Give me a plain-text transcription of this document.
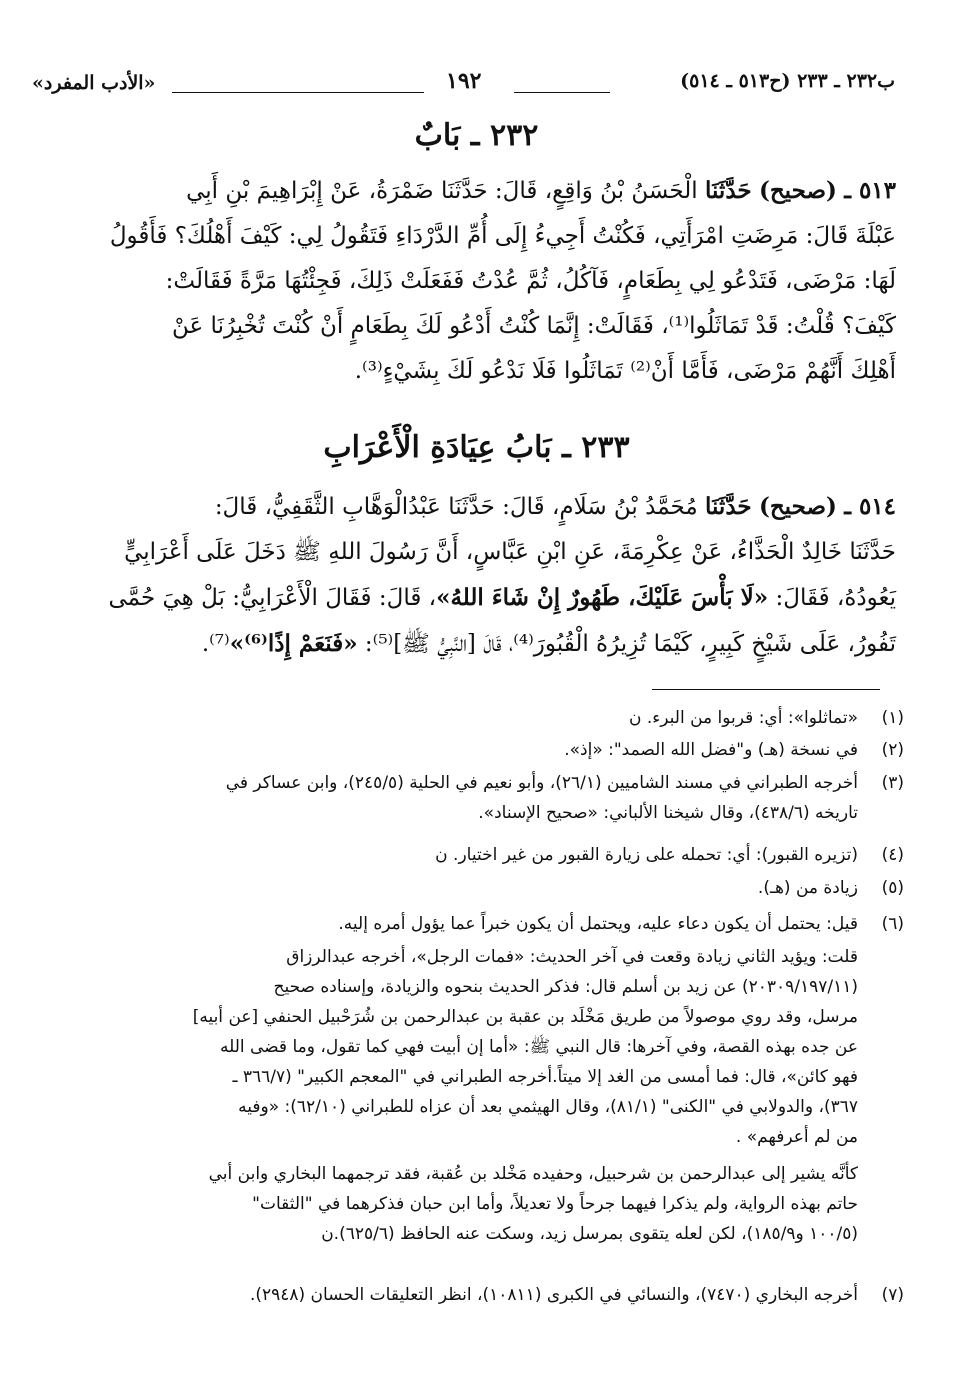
«الأدب المفرد»	١٩٢	ب٢٣٢ ـ ٢٣٣ (ح٥١٣ ـ ٥١٤)
٢٣٢ ـ بَابٌ
٥١٣ ـ (صحيح) حَدَّثَنَا الْحَسَنُ بْنُ وَاقِعٍ، قَالَ: حَدَّثَنَا ضَمْرَةُ، عَنْ إِبْرَاهِيمَ بْنِ أَبِي
عَبْلَةَ قَالَ: مَرِضَتِ امْرَأَتِي، فَكُنْتُ أَجِيءُ إِلَى أُمِّ الدَّرْدَاءِ فَتَقُولُ لِي: كَيْفَ أَهْلُكَ؟ فَأَقُولُ
لَهَا: مَرْضَى، فَتَدْعُو لِي بِطَعَامٍ، فَآكُلُ، ثُمَّ عُدْتُ فَفَعَلَتْ ذَلِكَ، فَجِئْتُهَا مَرَّةً فَقَالَتْ:
كَيْفَ؟ قُلْتُ: قَدْ تَمَاثَلُوا⁽¹⁾، فَقَالَتْ: إِنَّمَا كُنْتُ أَدْعُو لَكَ بِطَعَامٍ أَنْ كُنْتَ تُخْبِرُنَا عَنْ
أَهْلِكَ أَنَّهُمْ مَرْضَى، فَأَمَّا أَنْ⁽²⁾ تَمَاثَلُوا فَلَا نَدْعُو لَكَ بِشَيْءٍ⁽³⁾.
٢٣٣ ـ بَابُ عِيَادَةِ الْأَعْرَابِ
٥١٤ ـ (صحيح) حَدَّثَنَا مُحَمَّدُ بْنُ سَلَامٍ، قَالَ: حَدَّثَنَا عَبْدُالْوَهَّابِ الثَّقَفِيُّ، قَالَ:
حَدَّثَنَا خَالِدٌ الْحَذَّاءُ، عَنْ عِكْرِمَةَ، عَنِ ابْنِ عَبَّاسٍ، أَنَّ رَسُولَ اللهِ ﷺ دَخَلَ عَلَى أَعْرَابِيٍّ
يَعُودُهُ، فَقَالَ: «لَا بَأْسَ عَلَيْكَ، طَهُورٌ إِنْ شَاءَ اللهُ»، قَالَ: فَقَالَ الْأَعْرَابِيُّ: بَلْ هِيَ حُمَّى
تَفُورُ، عَلَى شَيْخٍ كَبِيرٍ، كَيْمَا تُزِيرُهُ الْقُبُورَ⁽⁴⁾، قَالَ [النَّبِيُّ ﷺ]⁽⁵⁾: «فَنَعَمْ إِذًا⁽⁶⁾»⁽⁷⁾.
(١)
«تماثلوا»: أي: قربوا من البرء. ن
(٢)
في نسخة (هـ) و"فضل الله الصمد": «إذ».
(٣)
أخرجه الطبراني في مسند الشاميين (٢٦/١)، وأبو نعيم في الحلية (٢٤٥/٥)، وابن عساكر في
تاريخه (٤٣٨/٦)، وقال شيخنا الألباني: «صحيح الإسناد».
(٤)
(تزيره القبور): أي: تحمله على زيارة القبور من غير اختيار. ن
(٥)
زيادة من (هـ).
(٦)
قيل: يحتمل أن يكون دعاء عليه، ويحتمل أن يكون خبراً عما يؤول أمره إليه.
قلت: ويؤيد الثاني زيادة وقعت في آخر الحديث: «فمات الرجل»، أخرجه عبدالرزاق
(٢٠٣٠٩/١٩٧/١١) عن زيد بن أسلم قال: فذكر الحديث بنحوه والزيادة، وإسناده صحيح
مرسل، وقد روي موصولاً من طريق مَخْلَد بن عقبة بن عبدالرحمن بن شُرَحْبيل الحنفي [عن أبيه]
عن جده بهذه القصة، وفي آخرها: قال النبي ﷺ: «أما إن أبيت فهي كما تقول، وما قضى الله
فهو كائن»، قال: فما أمسى من الغد إلا ميتاً.أخرجه الطبراني في "المعجم الكبير" (٣٦٦/٧ ـ
٣٦٧)، والدولابي في "الكنى" (٨١/١)، وقال الهيثمي بعد أن عزاه للطبراني (٦٢/١٠): «وفيه
من لم أعرفهم» .
كأنَّه يشير إلى عبدالرحمن بن شرحبيل، وحفيده مَخْلد بن عُقبة، فقد ترجمهما البخاري وابن أبي
حاتم بهذه الرواية، ولم يذكرا فيهما جرحاً ولا تعديلاً، وأما ابن حبان فذكرهما في "الثقات"
(١٠٠/٥ و١٨٥/٩)، لكن لعله يتقوى بمرسل زيد، وسكت عنه الحافظ (٦٢٥/٦).ن
(٧)
أخرجه البخاري (٧٤٧٠)، والنسائي في الكبرى (١٠٨١١)، انظر التعليقات الحسان (٢٩٤٨).
